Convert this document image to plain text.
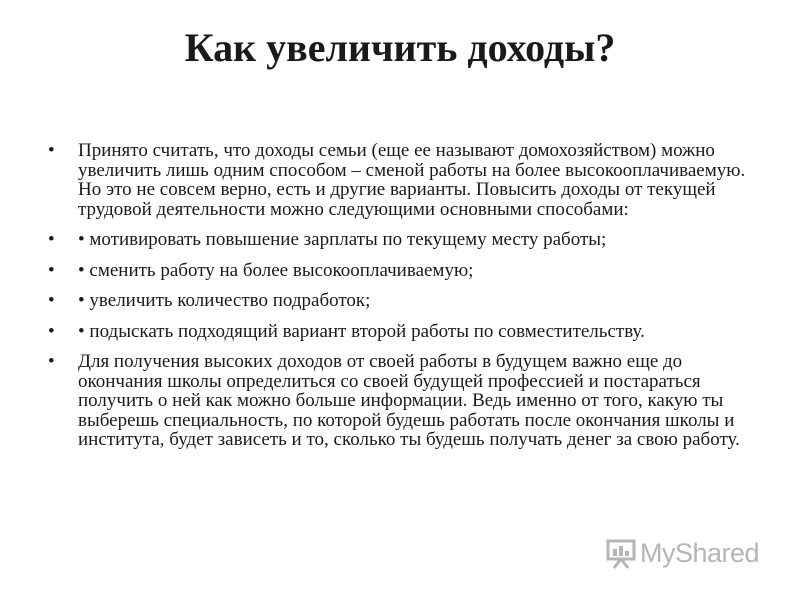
Как увеличить доходы?
• Принято считать, что доходы семьи (еще ее называют домохозяйством) можно увеличить лишь одним способом – сменой работы на более высокооплачиваемую. Но это не совсем верно, есть и другие варианты. Повысить доходы от текущей трудовой деятельности можно следующими основными способами:
• • мотивировать повышение зарплаты по текущему месту работы;
• • сменить работу на более высокооплачиваемую;
• • увеличить количество подработок;
• • подыскать подходящий вариант второй работы по совместительству.
• Для получения высоких доходов от своей работы в будущем важно еще до окончания школы определиться со своей будущей профессией и постараться получить о ней как можно больше информации. Ведь именно от того, какую ты выберешь специальность, по которой будешь работать после окончания школы и института, будет зависеть и то, сколько ты будешь получать денег за свою работу.
MyShared
